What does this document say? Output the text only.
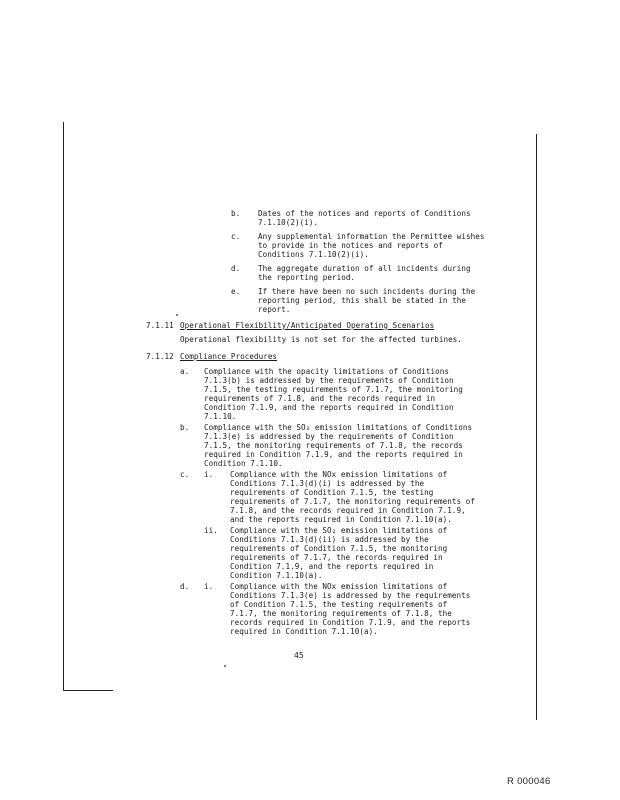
b. Dates of the notices and reports of Conditions
7.1.10(2)(i).
c. Any supplemental information the Permittee wishes
to provide in the notices and reports of
Conditions 7.1.10(2)(i).
d. The aggregate duration of all incidents during
the reporting period.
e. If there have been no such incidents during the
reporting period, this shall be stated in the
report.
7.1.11 Operational Flexibility/Anticipated Operating Scenarios
Operational flexibility is not set for the affected turbines.
7.1.12 Compliance Procedures
a. Compliance with the opacity limitations of Conditions
7.1.3(b) is addressed by the requirements of Condition
7.1.5, the testing requirements of 7.1.7, the monitoring
requirements of 7.1.8, and the records required in
Condition 7.1.9, and the reports required in Condition
7.1.10.
b. Compliance with the SO₂ emission limitations of Conditions
7.1.3(e) is addressed by the requirements of Condition
7.1.5, the monitoring requirements of 7.1.8, the records
required in Condition 7.1.9, and the reports required in
Condition 7.1.10.
c. i. Compliance with the NOx emission limitations of
Conditions 7.1.3(d)(i) is addressed by the
requirements of Condition 7.1.5, the testing
requirements of 7.1.7, the monitoring requirements of
7.1.8, and the records required in Condition 7.1.9,
and the reports required in Condition 7.1.10(a).
ii. Compliance with the SO₂ emission limitations of
Conditions 7.1.3(d)(ii) is addressed by the
requirements of Condition 7.1.5, the monitoring
requirements of 7.1.7, the records required in
Condition 7.1.9, and the reports required in
Condition 7.1.10(a).
d. i. Compliance with the NOx emission limitations of
Conditions 7.1.3(e) is addressed by the requirements
of Condition 7.1.5, the testing requirements of
7.1.7, the monitoring requirements of 7.1.8, the
records required in Condition 7.1.9, and the reports
required in Condition 7.1.10(a).
45
R 000046
